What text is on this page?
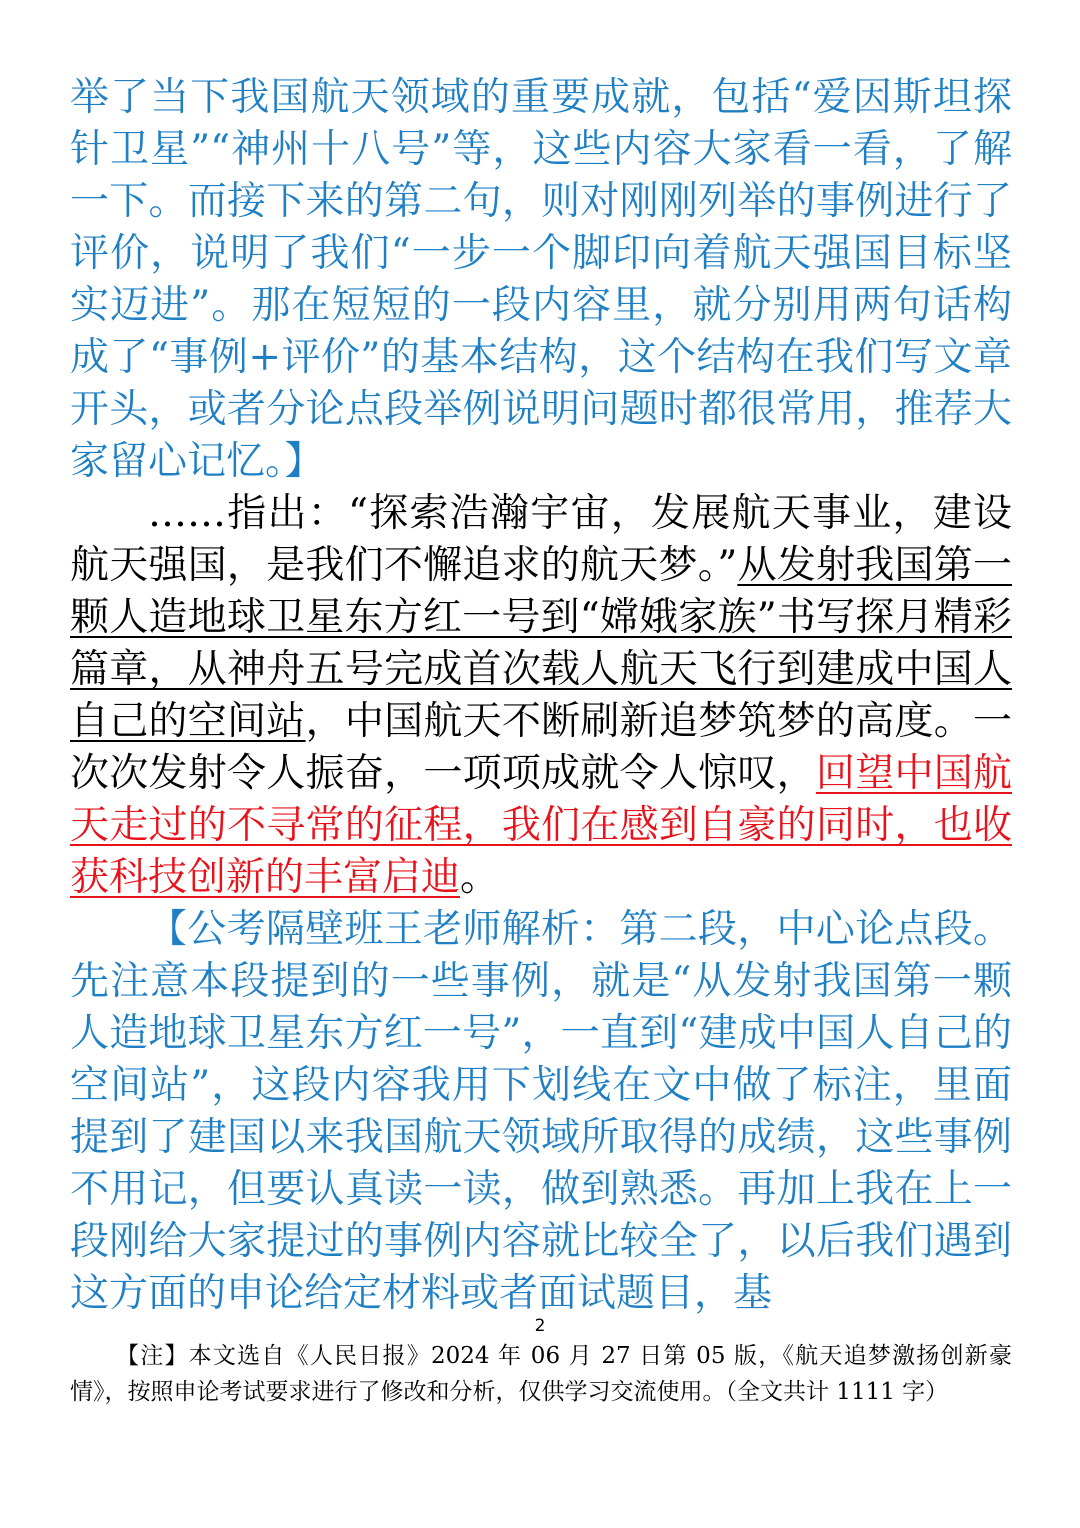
举了当下我国航天领域的重要成就，包括“爱因斯坦探针卫星”“神州十八号”等，这些内容大家看一看，了解一下。而接下来的第二句，则对刚刚列举的事例进行了评价，说明了我们“一步一个脚印向着航天强国目标坚实迈进”。那在短短的一段内容里，就分别用两句话构成了“事例+评价”的基本结构，这个结构在我们写文章开头，或者分论点段举例说明问题时都很常用，推荐大家留心记忆。】

……指出：“探索浩瀚宇宙，发展航天事业，建设航天强国，是我们不懈追求的航天梦。”从发射我国第一颗人造地球卫星东方红一号到“嫦娥家族”书写探月精彩篇章，从神舟五号完成首次载人航天飞行到建成中国人自己的空间站，中国航天不断刷新追梦筑梦的高度。一次次发射令人振奋，一项项成就令人惊叹，回望中国航天走过的不寻常的征程，我们在感到自豪的同时，也收获科技创新的丰富启迪。

【公考隔壁班王老师解析：第二段，中心论点段。先注意本段提到的一些事例，就是“从发射我国第一颗人造地球卫星东方红一号”，一直到“建成中国人自己的空间站”，这段内容我用下划线在文中做了标注，里面提到了建国以来我国航天领域所取得的成绩，这些事例不用记，但要认真读一读，做到熟悉。再加上我在上一段刚给大家提过的事例内容就比较全了，以后我们遇到这方面的申论给定材料或者面试题目，基

2

【注】本文选自《人民日报》2024 年 06 月 27 日第 05 版，《航天追梦激扬创新豪情》，按照申论考试要求进行了修改和分析，仅供学习交流使用。（全文共计 1111 字）
